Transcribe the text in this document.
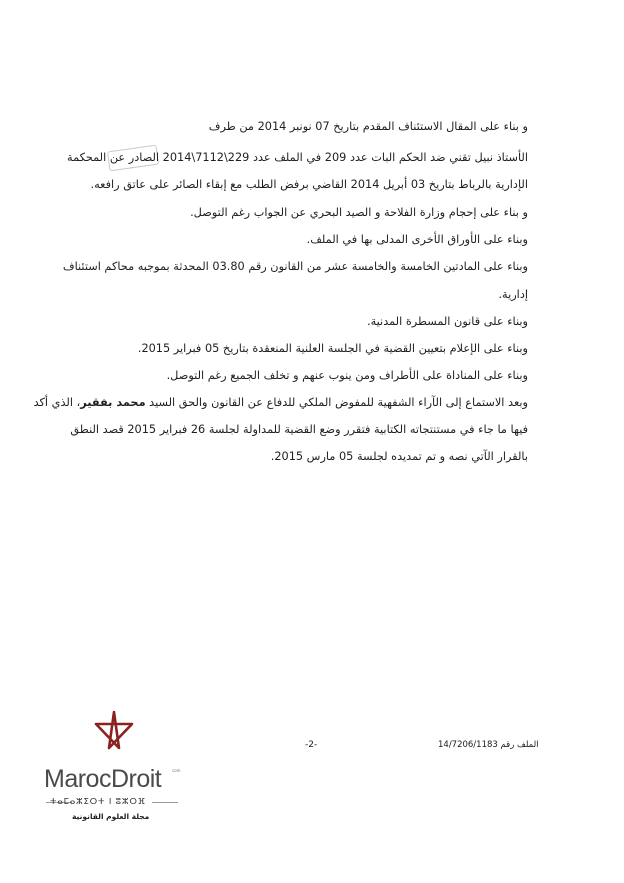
و بناء على المقال الاستئناف المقدم بتاريخ 07 نونبر 2014 من طرف
الأستاذ نبيل تقني ضد الحكم البات عدد 209 في الملف عدد 229\7112\2014 الصادر عن المحكمة
الإدارية بالرباط بتاريخ 03 أبريل 2014 القاضي برفض الطلب مع إبقاء الصائر على عاتق رافعه.
و بناء على إحجام وزارة الفلاحة و الصيد البحري عن الجواب رغم التوصل.
وبناء على الأوراق الأخرى المدلى بها في الملف.
وبناء على المادتين الخامسة والخامسة عشر من القانون رقم 03.80 المحدثة بموجبه محاكم استئناف
إدارية.
وبناء على قانون المسطرة المدنية.
وبناء على الإعلام بتعيين القضية في الجلسة العلنية المنعقدة بتاريخ 05 فبراير 2015.
وبناء على المناداة على الأطراف ومن ينوب عنهم و تخلف الجميع رغم التوصل.
وبعد الاستماع إلى الآراء الشفهية للمفوض الملكي للدفاع عن القانون والحق السيد محمد بفقير، الذي أكد
فيها ما جاء في مستنتجاته الكتابية فتقرر وضع القضية للمداولة لجلسة 26 فبراير 2015 قصد النطق
بالقرار الآتي نصه و تم تمديده لجلسة 05 مارس 2015.
الملف رقم 14/7206/1183
-2-
MarocDroit	com
ⵜⴰⵎⴰⵣⵉⵔⵜ ⵏ ⵓⵣⵔⴼ
مجلة العلوم القانونية
